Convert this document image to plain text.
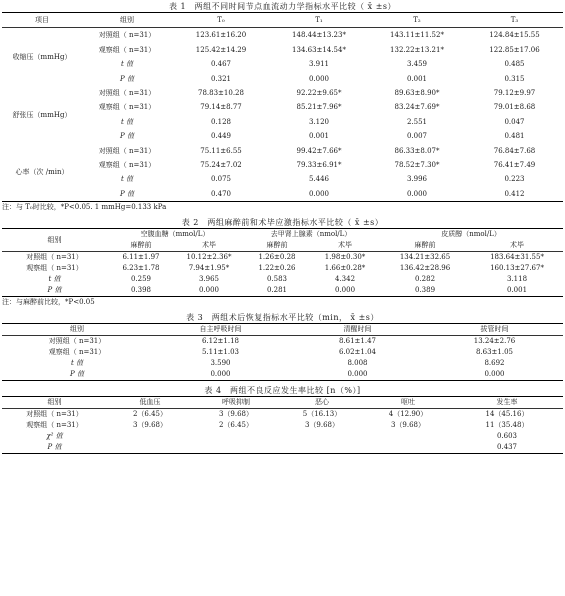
表 1　两组不同时间节点血流动力学指标水平比较（ x̄ ±s）
项目	组别	T₀	T₁	T₂	T₃
收缩压（mmHg）	对照组（ n=31）	123.61±16.20	148.44±13.23*	143.11±11.52*	124.84±15.55
	观察组（ n=31）	125.42±14.29	134.63±14.54*	132.22±13.21*	122.85±17.06
	t 值	0.467	3.911	3.459	0.485
	P 值	0.321	0.000	0.001	0.315
舒张压（mmHg）	对照组（ n=31）	78.83±10.28	92.22±9.65*	89.63±8.90*	79.12±9.97
	观察组（ n=31）	79.14±8.77	85.21±7.96*	83.24±7.69*	79.01±8.68
	t 值	0.128	3.120	2.551	0.047
	P 值	0.449	0.001	0.007	0.481
心率（次 /min）	对照组（ n=31）	75.11±6.55	99.42±7.66*	86.33±8.07*	76.84±7.68
	观察组（ n=31）	75.24±7.02	79.33±6.91*	78.52±7.30*	76.41±7.49
	t 值	0.075	5.446	3.996	0.223
	P 值	0.470	0.000	0.000	0.412
注：与 T₀时比较，*P<0.05. 1 mmHg=0.133 kPa
表 2　两组麻醉前和术毕应激指标水平比较（ x̄ ±s）
组别	空腹血糖（mmol/L）		去甲肾上腺素（nmol/L）		皮质醇（nmol/L）	
	麻醉前	术毕	麻醉前	术毕	麻醉前	术毕
对照组（ n=31）	6.11±1.97	10.12±2.36*	1.26±0.28	1.98±0.30*	134.21±32.65	183.64±31.55*
观察组（ n=31）	6.23±1.78	7.94±1.95*	1.22±0.26	1.66±0.28*	136.42±28.96	160.13±27.67*
t 值	0.259	3.965	0.583	4.342	0.282	3.118
P 值	0.398	0.000	0.281	0.000	0.389	0.001
注：与麻醉前比较，*P<0.05
表 3　两组术后恢复指标水平比较（min， x̄ ±s）
组别	自主呼吸时间	清醒时间	拔管时间
对照组（ n=31）	6.12±1.18	8.61±1.47	13.24±2.76
观察组（ n=31）	5.11±1.03	6.02±1.04	8.63±1.05
t 值	3.590	8.008	8.692
P 值	0.000	0.000	0.000
表 4　两组不良反应发生率比较 [n（%）]
组别	低血压	呼吸抑制	恶心	呕吐	发生率
对照组（ n=31）	2（6.45）	3（9.68）	5（16.13）	4（12.90）	14（45.16）
观察组（ n=31）	3（9.68）	2（6.45）	3（9.68）	3（9.68）	11（35.48）
χ² 值					0.603
P 值					0.437
